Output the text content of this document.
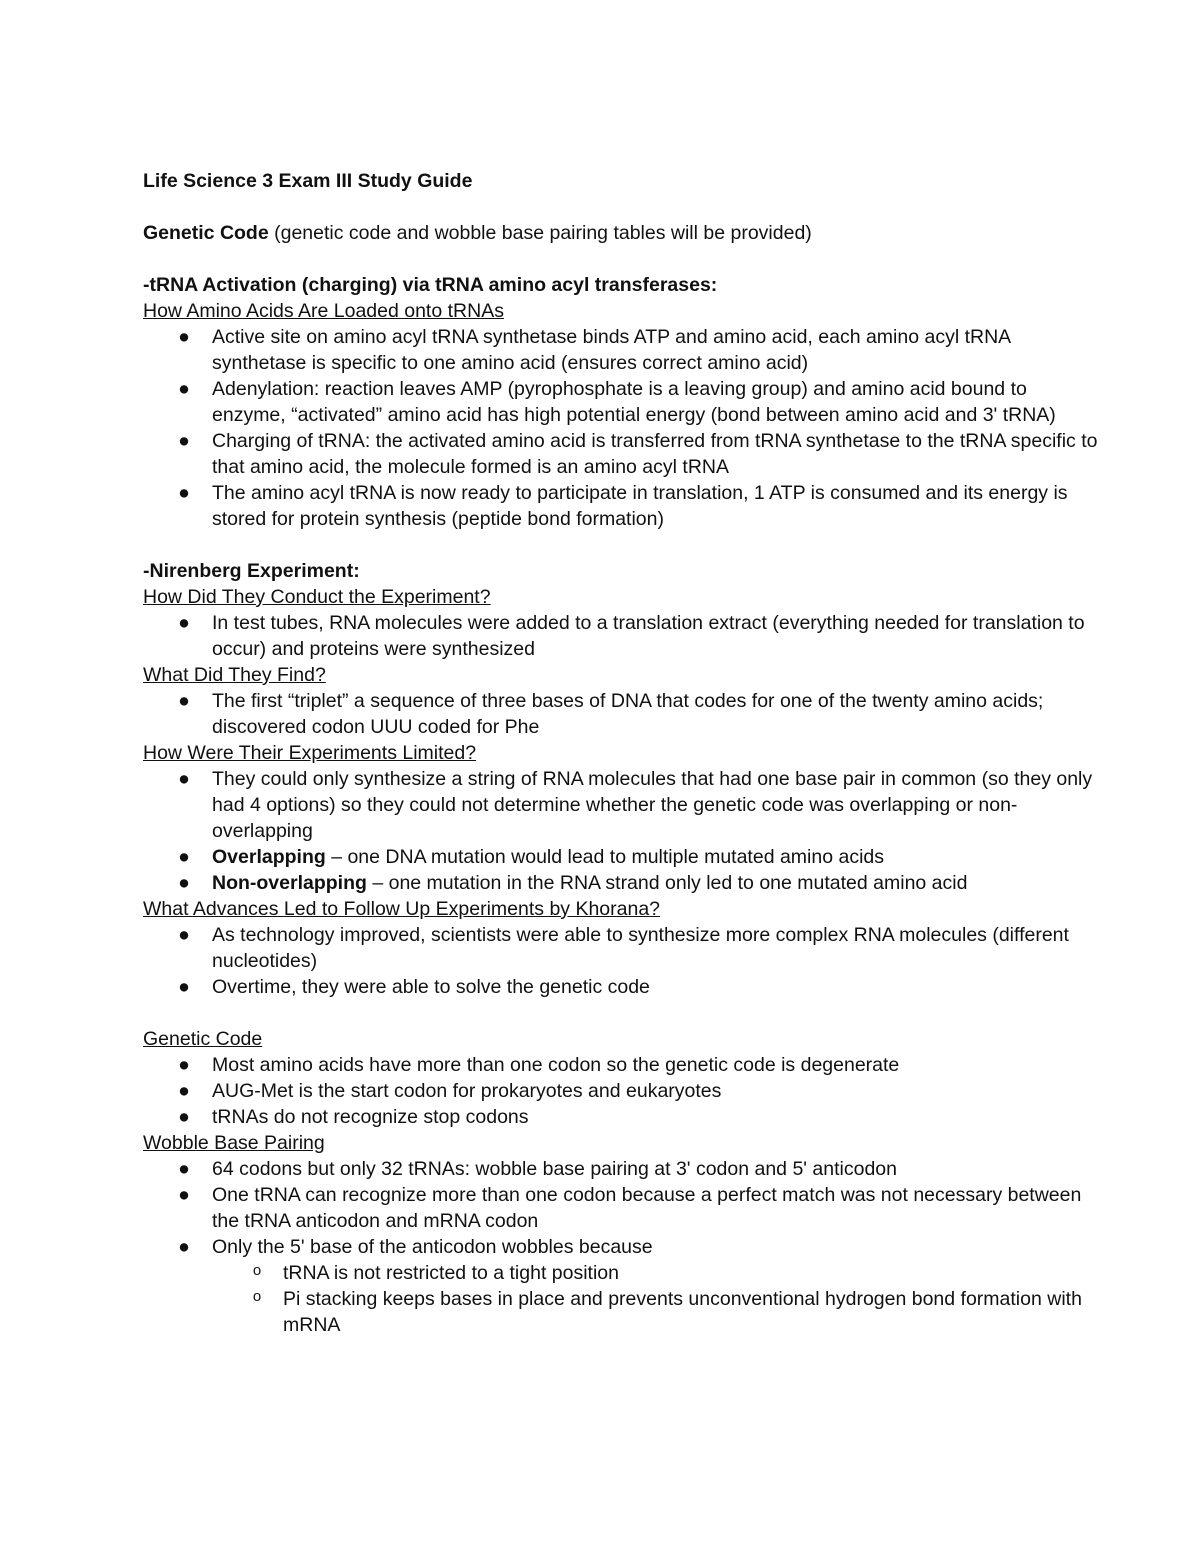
Life Science 3 Exam III Study Guide

Genetic Code (genetic code and wobble base pairing tables will be provided)

-tRNA Activation (charging) via tRNA amino acyl transferases:

How Amino Acids Are Loaded onto tRNAs

● Active site on amino acyl tRNA synthetase binds ATP and amino acid, each amino acyl tRNA synthetase is specific to one amino acid (ensures correct amino acid)
● Adenylation: reaction leaves AMP (pyrophosphate is a leaving group) and amino acid bound to enzyme, “activated” amino acid has high potential energy (bond between amino acid and 3' tRNA)
● Charging of tRNA: the activated amino acid is transferred from tRNA synthetase to the tRNA specific to that amino acid, the molecule formed is an amino acyl tRNA
● The amino acyl tRNA is now ready to participate in translation, 1 ATP is consumed and its energy is stored for protein synthesis (peptide bond formation)

-Nirenberg Experiment:

How Did They Conduct the Experiment?

● In test tubes, RNA molecules were added to a translation extract (everything needed for translation to occur) and proteins were synthesized

What Did They Find?

● The first “triplet” a sequence of three bases of DNA that codes for one of the twenty amino acids; discovered codon UUU coded for Phe

How Were Their Experiments Limited?

● They could only synthesize a string of RNA molecules that had one base pair in common (so they only had 4 options) so they could not determine whether the genetic code was overlapping or non-overlapping
● Overlapping – one DNA mutation would lead to multiple mutated amino acids
● Non-overlapping – one mutation in the RNA strand only led to one mutated amino acid

What Advances Led to Follow Up Experiments by Khorana?

● As technology improved, scientists were able to synthesize more complex RNA molecules (different nucleotides)
● Overtime, they were able to solve the genetic code

Genetic Code

● Most amino acids have more than one codon so the genetic code is degenerate
● AUG-Met is the start codon for prokaryotes and eukaryotes
● tRNAs do not recognize stop codons

Wobble Base Pairing

● 64 codons but only 32 tRNAs: wobble base pairing at 3' codon and 5' anticodon
● One tRNA can recognize more than one codon because a perfect match was not necessary between the tRNA anticodon and mRNA codon
● Only the 5' base of the anticodon wobbles because
o tRNA is not restricted to a tight position
o Pi stacking keeps bases in place and prevents unconventional hydrogen bond formation with mRNA
